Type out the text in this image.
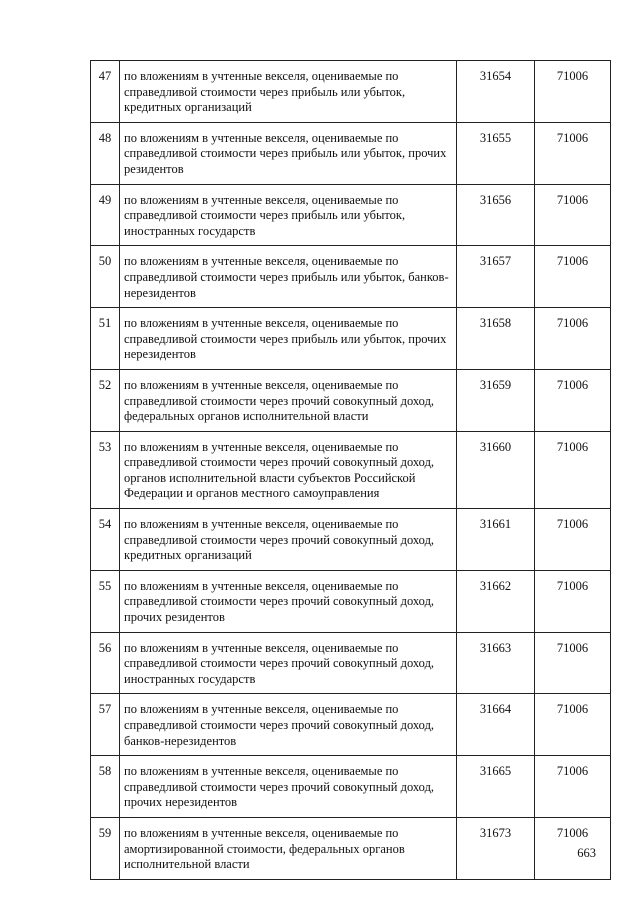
47	по вложениям в учтенные векселя, оцениваемые по справедливой стоимости через прибыль или убыток, кредитных организаций	31654	71006
48	по вложениям в учтенные векселя, оцениваемые по справедливой стоимости через прибыль или убыток, прочих резидентов	31655	71006
49	по вложениям в учтенные векселя, оцениваемые по справедливой стоимости через прибыль или убыток, иностранных государств	31656	71006
50	по вложениям в учтенные векселя, оцениваемые по справедливой стоимости через прибыль или убыток, банков-нерезидентов	31657	71006
51	по вложениям в учтенные векселя, оцениваемые по справедливой стоимости через прибыль или убыток, прочих нерезидентов	31658	71006
52	по вложениям в учтенные векселя, оцениваемые по справедливой стоимости через прочий совокупный доход, федеральных органов исполнительной власти	31659	71006
53	по вложениям в учтенные векселя, оцениваемые по справедливой стоимости через прочий совокупный доход, органов исполнительной власти субъектов Российской Федерации и органов местного самоуправления	31660	71006
54	по вложениям в учтенные векселя, оцениваемые по справедливой стоимости через прочий совокупный доход, кредитных организаций	31661	71006
55	по вложениям в учтенные векселя, оцениваемые по справедливой стоимости через прочий совокупный доход, прочих резидентов	31662	71006
56	по вложениям в учтенные векселя, оцениваемые по справедливой стоимости через прочий совокупный доход, иностранных государств	31663	71006
57	по вложениям в учтенные векселя, оцениваемые по справедливой стоимости через прочий совокупный доход, банков-нерезидентов	31664	71006
58	по вложениям в учтенные векселя, оцениваемые по справедливой стоимости через прочий совокупный доход, прочих нерезидентов	31665	71006
59	по вложениям в учтенные векселя, оцениваемые по амортизированной стоимости, федеральных органов исполнительной власти	31673	71006
663
